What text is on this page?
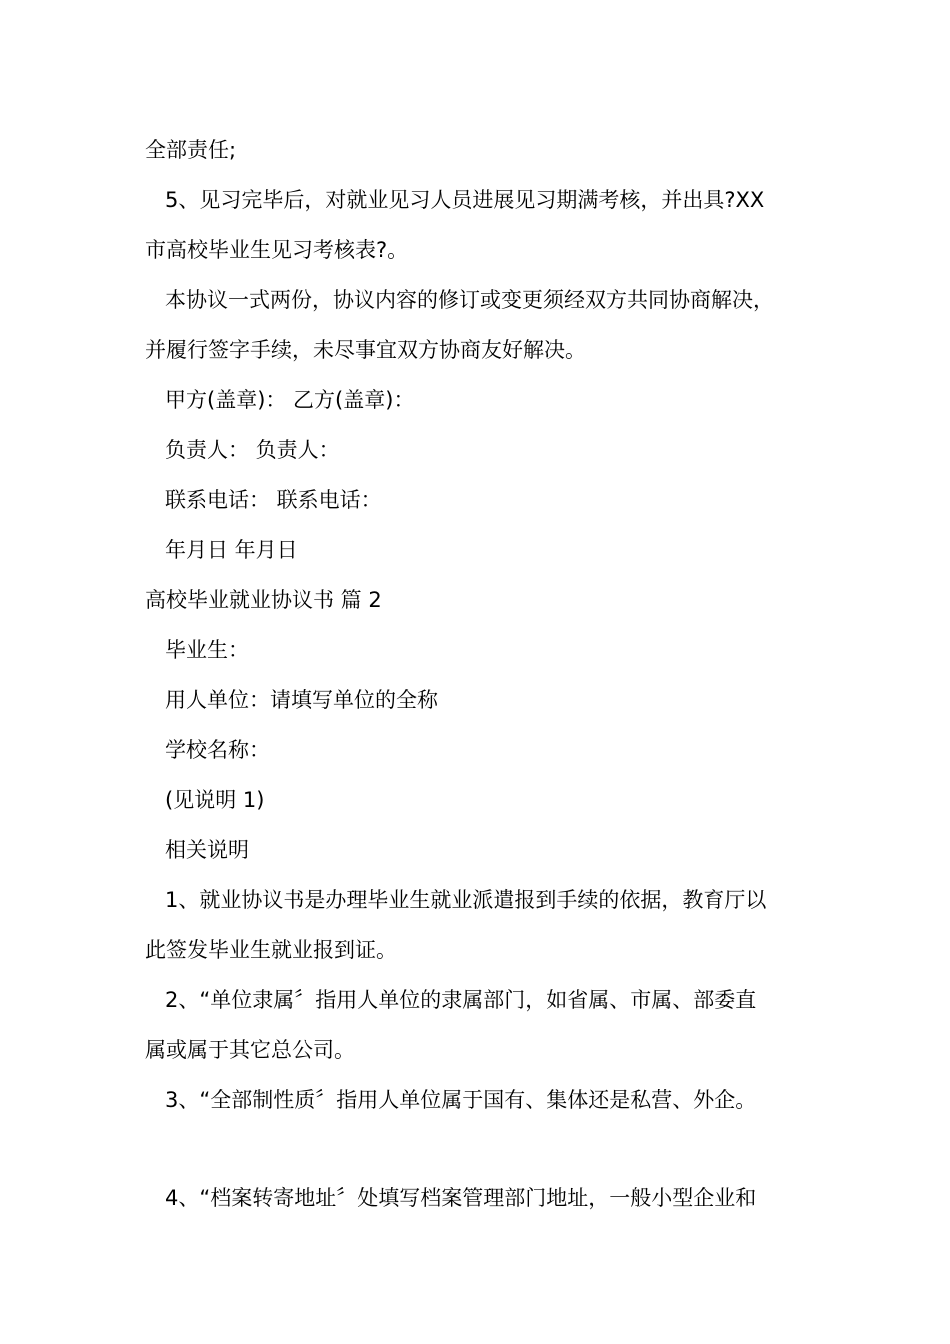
全部责任;
5、见习完毕后，对就业见习人员进展见习期满考核，并出具?XX
市高校毕业生见习考核表?。
本协议一式两份，协议内容的修订或变更须经双方共同协商解决，
并履行签字手续，未尽事宜双方协商友好解决。
甲方(盖章)： 乙方(盖章)：
负责人： 负责人：
联系电话： 联系电话：
年月日 年月日
高校毕业就业协议书 篇 2
毕业生：
用人单位：请填写单位的全称
学校名称：
(见说明 1)
相关说明
1、就业协议书是办理毕业生就业派遣报到手续的依据，教育厅以
此签发毕业生就业报到证。
2、“单位隶属〞指用人单位的隶属部门，如省属、市属、部委直
属或属于其它总公司。
3、“全部制性质〞指用人单位属于国有、集体还是私营、外企。
4、“档案转寄地址〞处填写档案管理部门地址，一般小型企业和
